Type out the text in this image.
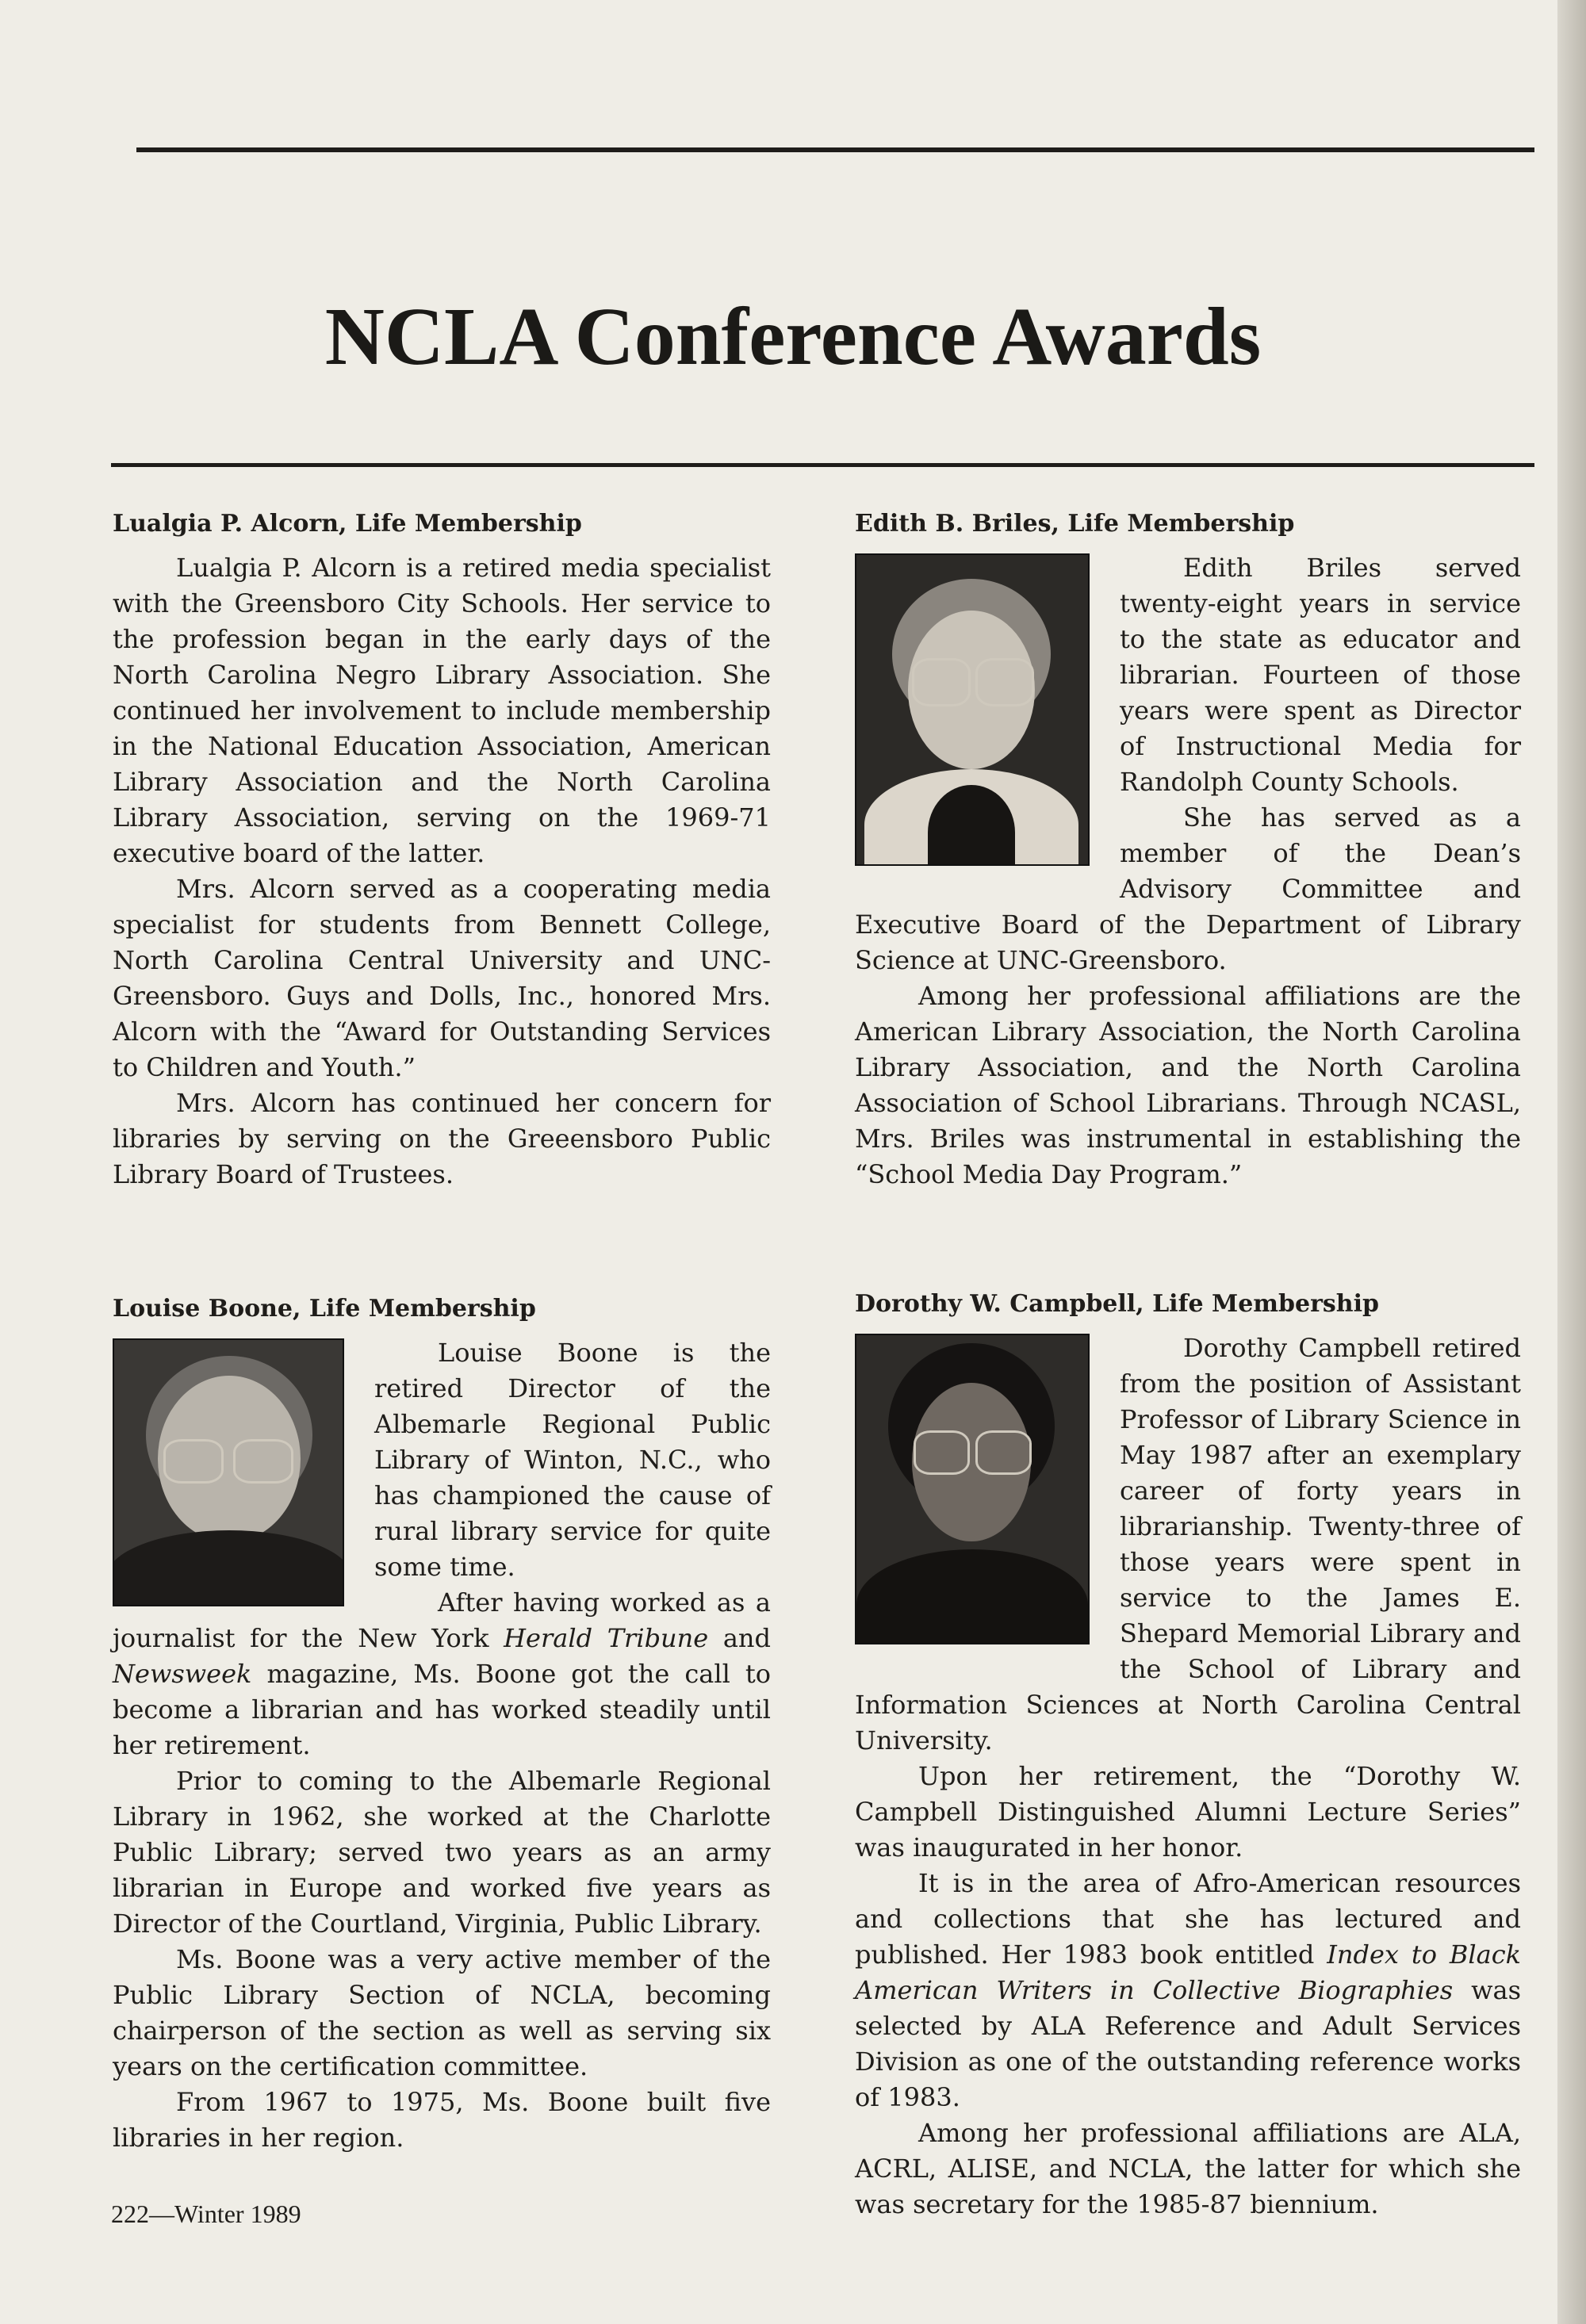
NCLA Conference Awards

Lualgia P. Alcorn, Life Membership

Lualgia P. Alcorn is a retired media specialist with the Greensboro City Schools. Her service to the profession began in the early days of the North Carolina Negro Library Association. She continued her involvement to include membership in the National Education Association, American Library Association and the North Carolina Library Association, serving on the 1969-71 executive board of the latter.

Mrs. Alcorn served as a cooperating media specialist for students from Bennett College, North Carolina Central University and UNC-Greensboro. Guys and Dolls, Inc., honored Mrs. Alcorn with the “Award for Outstanding Services to Children and Youth.”

Mrs. Alcorn has continued her concern for libraries by serving on the Greeensboro Public Library Board of Trustees.

Louise Boone, Life Membership

Louise Boone is the retired Director of the Albemarle Regional Public Library of Winton, N.C., who has championed the cause of rural library service for quite some time.

After having worked as a journalist for the New York Herald Tribune and Newsweek magazine, Ms. Boone got the call to become a librarian and has worked steadily until her retirement.

Prior to coming to the Albemarle Regional Library in 1962, she worked at the Charlotte Public Library; served two years as an army librarian in Europe and worked five years as Director of the Courtland, Virginia, Public Library.

Ms. Boone was a very active member of the Public Library Section of NCLA, becoming chairperson of the section as well as serving six years on the certification committee.

From 1967 to 1975, Ms. Boone built five libraries in her region.

Edith B. Briles, Life Membership

Edith Briles served twenty-eight years in service to the state as educator and librarian. Fourteen of those years were spent as Director of Instructional Media for Randolph County Schools.

She has served as a member of the Dean’s Advisory Committee and Executive Board of the Department of Library Science at UNC-Greensboro.

Among her professional affiliations are the American Library Association, the North Carolina Library Association, and the North Carolina Association of School Librarians. Through NCASL, Mrs. Briles was instrumental in establishing the “School Media Day Program.”

Dorothy W. Campbell, Life Membership

Dorothy Campbell retired from the position of Assistant Professor of Library Science in May 1987 after an exemplary career of forty years in librarianship. Twenty-three of those years were spent in service to the James E. Shepard Memorial Library and the School of Library and Information Sciences at North Carolina Central University.

Upon her retirement, the “Dorothy W. Campbell Distinguished Alumni Lecture Series” was inaugurated in her honor.

It is in the area of Afro-American resources and collections that she has lectured and published. Her 1983 book entitled Index to Black American Writers in Collective Biographies was selected by ALA Reference and Adult Services Division as one of the outstanding reference works of 1983.

Among her professional affiliations are ALA, ACRL, ALISE, and NCLA, the latter for which she was secretary for the 1985-87 biennium.

222—Winter 1989
